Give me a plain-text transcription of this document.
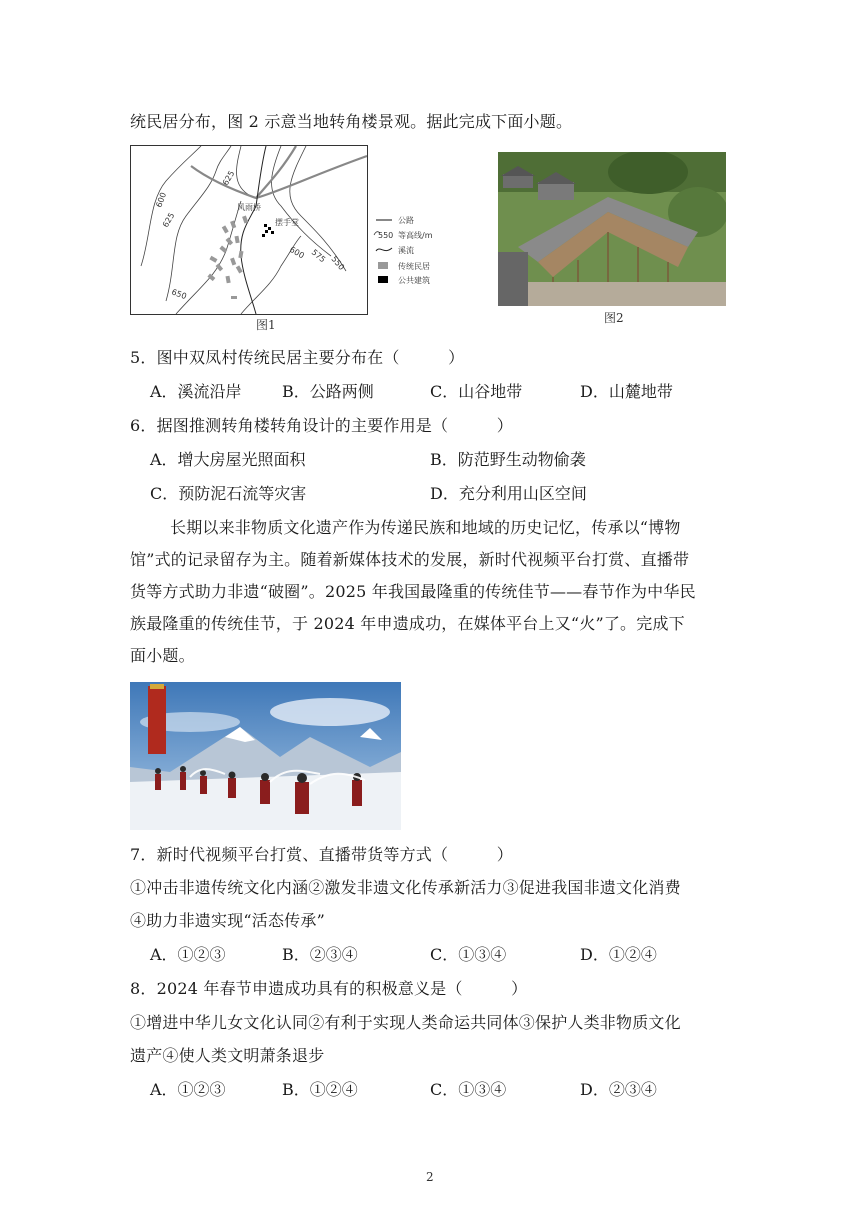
统民居分布，图 2 示意当地转角楼景观。据此完成下面小题。
风雨桥
摆手堂
625
600
625
600 575 550
650
公路
550 等高线/m
溪流
传统民居
公共建筑
图1	图2
5．图中双凤村传统民居主要分布在（　　　）
A．溪流沿岸	B．公路两侧	C．山谷地带	D．山麓地带
6．据图推测转角楼转角设计的主要作用是（　　　）
A．增大房屋光照面积	B．防范野生动物偷袭
C．预防泥石流等灾害	D．充分利用山区空间
长期以来非物质文化遗产作为传递民族和地域的历史记忆，传承以“博物
馆”式的记录留存为主。随着新媒体技术的发展，新时代视频平台打赏、直播带
货等方式助力非遗“破圈”。2025 年我国最隆重的传统佳节——春节作为中华民
族最隆重的传统佳节，于 2024 年申遗成功，在媒体平台上又“火”了。完成下
面小题。
7．新时代视频平台打赏、直播带货等方式（　　　）
①冲击非遗传统文化内涵②激发非遗文化传承新活力③促进我国非遗文化消费
④助力非遗实现“活态传承”
A．①②③	B．②③④	C．①③④	D．①②④
8．2024 年春节申遗成功具有的积极意义是（　　　）
①增进中华儿女文化认同②有利于实现人类命运共同体③保护人类非物质文化
遗产④使人类文明萧条退步
A．①②③	B．①②④	C．①③④	D．②③④
2
